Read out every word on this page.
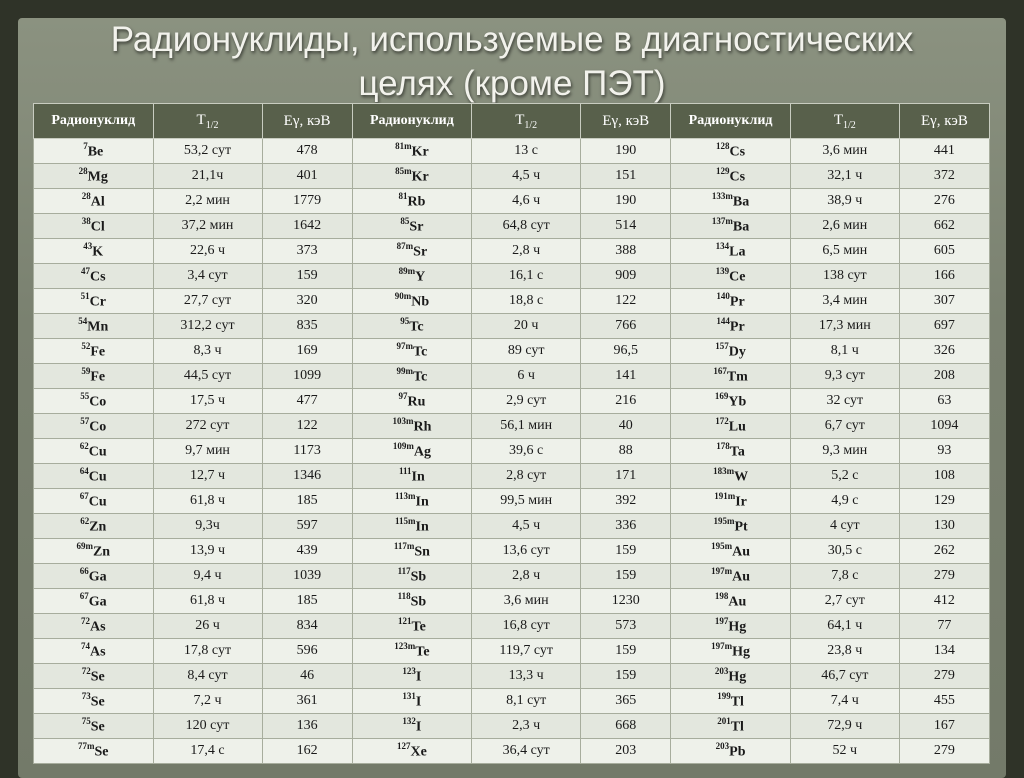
Радионуклиды, используемые в диагностических
целях (кроме ПЭТ)
Радионуклид	$T_{1/2}$	Eγ, кэВ	Радионуклид	$T_{1/2}$	Eγ, кэВ	Радионуклид	$T_{1/2}$	Eγ, кэВ
$^7$Be	53,2 сут	478	$^{81m}$Kr	13 с	190	$^{128}$Cs	3,6 мин	441
$^{28}$Mg	21,1ч	401	$^{85m}$Kr	4,5 ч	151	$^{129}$Cs	32,1 ч	372
$^{28}$Al	2,2 мин	1779	$^{81}$Rb	4,6 ч	190	$^{133m}$Ba	38,9 ч	276
$^{38}$Cl	37,2 мин	1642	$^{85}$Sr	64,8 сут	514	$^{137m}$Ba	2,6 мин	662
$^{43}$K	22,6 ч	373	$^{87m}$Sr	2,8 ч	388	$^{134}$La	6,5 мин	605
$^{47}$Cs	3,4 сут	159	$^{89m}$Y	16,1 с	909	$^{139}$Ce	138 сут	166
$^{51}$Cr	27,7 сут	320	$^{90m}$Nb	18,8 с	122	$^{140}$Pr	3,4 мин	307
$^{54}$Mn	312,2 сут	835	$^{95}$Tc	20 ч	766	$^{144}$Pr	17,3 мин	697
$^{52}$Fe	8,3 ч	169	$^{97m}$Tc	89 сут	96,5	$^{157}$Dy	8,1 ч	326
$^{59}$Fe	44,5 сут	1099	$^{99m}$Tc	6 ч	141	$^{167}$Tm	9,3 сут	208
$^{55}$Co	17,5 ч	477	$^{97}$Ru	2,9 сут	216	$^{169}$Yb	32 сут	63
$^{57}$Co	272 сут	122	$^{103m}$Rh	56,1 мин	40	$^{172}$Lu	6,7 сут	1094
$^{62}$Cu	9,7 мин	1173	$^{109m}$Ag	39,6 с	88	$^{178}$Ta	9,3 мин	93
$^{64}$Cu	12,7 ч	1346	$^{111}$In	2,8 сут	171	$^{183m}$W	5,2 с	108
$^{67}$Cu	61,8 ч	185	$^{113m}$In	99,5 мин	392	$^{191m}$Ir	4,9 с	129
$^{62}$Zn	9,3ч	597	$^{115m}$In	4,5 ч	336	$^{195m}$Pt	4 сут	130
$^{69m}$Zn	13,9 ч	439	$^{117m}$Sn	13,6 сут	159	$^{195m}$Au	30,5 с	262
$^{66}$Ga	9,4 ч	1039	$^{117}$Sb	2,8 ч	159	$^{197m}$Au	7,8 с	279
$^{67}$Ga	61,8 ч	185	$^{118}$Sb	3,6 мин	1230	$^{198}$Au	2,7 сут	412
$^{72}$As	26 ч	834	$^{121}$Te	16,8 сут	573	$^{197}$Hg	64,1 ч	77
$^{74}$As	17,8 сут	596	$^{123m}$Te	119,7 сут	159	$^{197m}$Hg	23,8 ч	134
$^{72}$Se	8,4 сут	46	$^{123}$I	13,3 ч	159	$^{203}$Hg	46,7 сут	279
$^{73}$Se	7,2 ч	361	$^{131}$I	8,1 сут	365	$^{199}$Tl	7,4 ч	455
$^{75}$Se	120 сут	136	$^{132}$I	2,3 ч	668	$^{201}$Tl	72,9 ч	167
$^{77m}$Se	17,4 с	162	$^{127}$Xe	36,4 сут	203	$^{203}$Pb	52 ч	279
